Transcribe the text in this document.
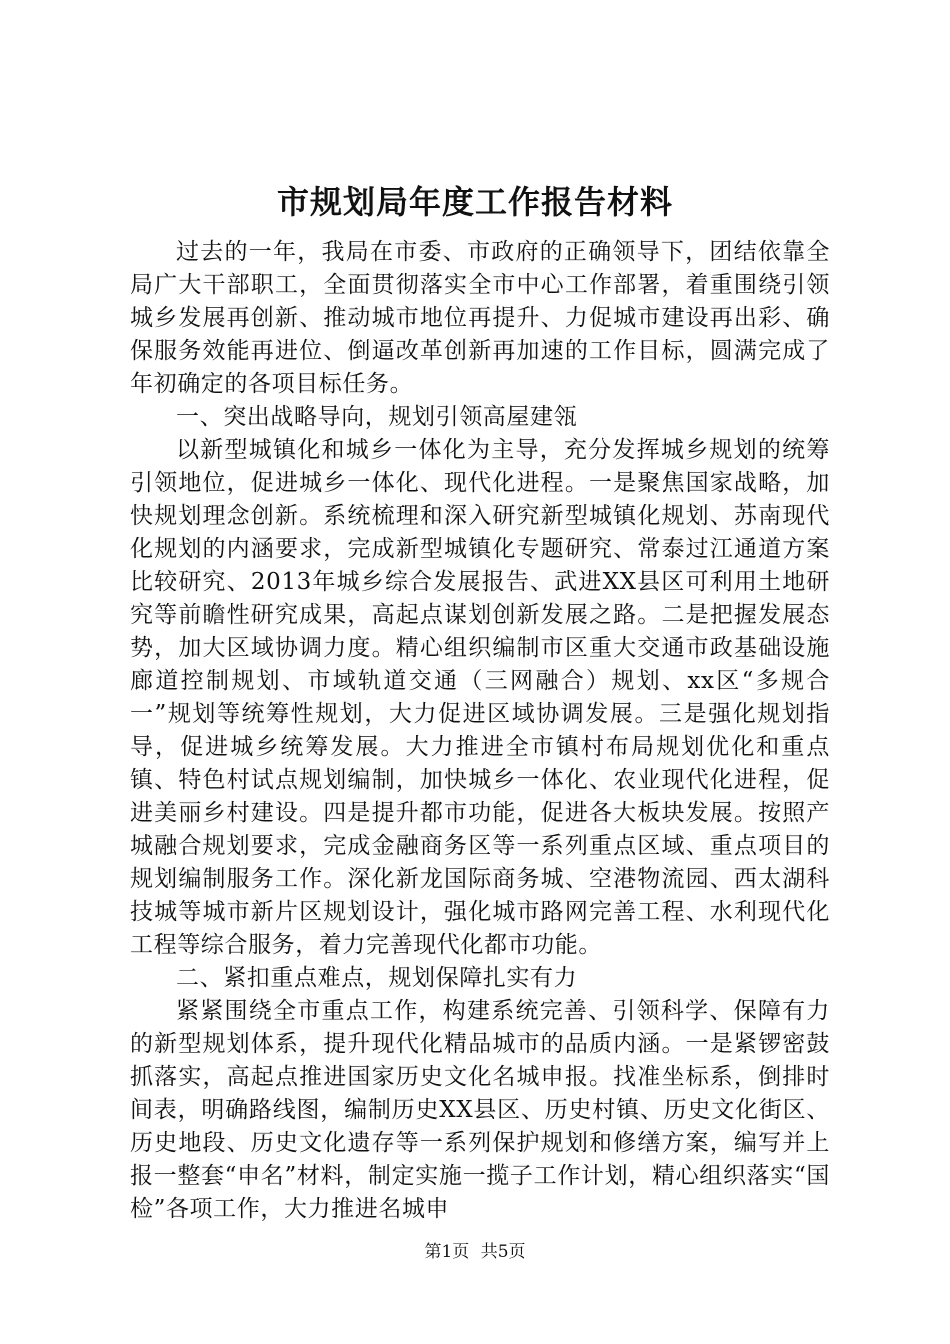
市规划局年度工作报告材料

过去的一年，我局在市委、市政府的正确领导下，团结依靠全局广大干部职工，全面贯彻落实全市中心工作部署，着重围绕引领城乡发展再创新、推动城市地位再提升、力促城市建设再出彩、确保服务效能再进位、倒逼改革创新再加速的工作目标，圆满完成了年初确定的各项目标任务。

一、突出战略导向，规划引领高屋建瓴

以新型城镇化和城乡一体化为主导，充分发挥城乡规划的统筹引领地位，促进城乡一体化、现代化进程。一是聚焦国家战略，加快规划理念创新。系统梳理和深入研究新型城镇化规划、苏南现代化规划的内涵要求，完成新型城镇化专题研究、常泰过江通道方案比较研究、2013年城乡综合发展报告、武进XX县区可利用土地研究等前瞻性研究成果，高起点谋划创新发展之路。二是把握发展态势，加大区域协调力度。精心组织编制市区重大交通市政基础设施廊道控制规划、市域轨道交通（三网融合）规划、xx区“多规合一”规划等统筹性规划，大力促进区域协调发展。三是强化规划指导，促进城乡统筹发展。大力推进全市镇村布局规划优化和重点镇、特色村试点规划编制，加快城乡一体化、农业现代化进程，促进美丽乡村建设。四是提升都市功能，促进各大板块发展。按照产城融合规划要求，完成金融商务区等一系列重点区域、重点项目的规划编制服务工作。深化新龙国际商务城、空港物流园、西太湖科技城等城市新片区规划设计，强化城市路网完善工程、水利现代化工程等综合服务，着力完善现代化都市功能。

二、紧扣重点难点，规划保障扎实有力

紧紧围绕全市重点工作，构建系统完善、引领科学、保障有力的新型规划体系，提升现代化精品城市的品质内涵。一是紧锣密鼓抓落实，高起点推进国家历史文化名城申报。找准坐标系，倒排时间表，明确路线图，编制历史XX县区、历史村镇、历史文化街区、历史地段、历史文化遗存等一系列保护规划和修缮方案，编写并上报一整套“申名”材料，制定实施一揽子工作计划，精心组织落实“国检”各项工作，大力推进名城申

第1页 共5页
